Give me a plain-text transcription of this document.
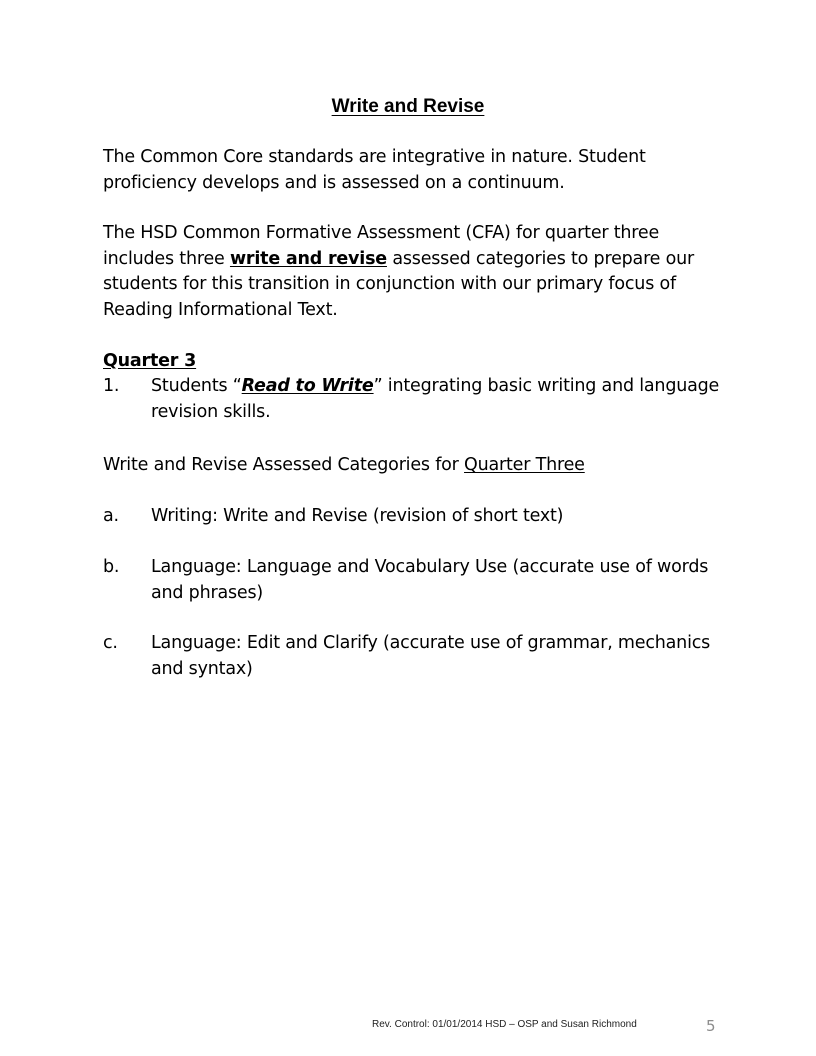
Write and Revise
The Common Core standards are integrative in nature. Student proficiency develops and is assessed on a continuum.
The HSD Common Formative Assessment (CFA) for quarter three includes three write and revise assessed categories to prepare our students for this transition in conjunction with our primary focus of Reading Informational Text.
Quarter 3
1.	Students “Read to Write” integrating basic writing and language revision skills.
Write and Revise Assessed Categories for Quarter Three
a.	Writing: Write and Revise (revision of short text)
b.	Language: Language and Vocabulary Use (accurate use of words and phrases)
c.	Language: Edit and Clarify (accurate use of grammar, mechanics and syntax)
Rev. Control: 01/01/2014 HSD – OSP and Susan Richmond	5
